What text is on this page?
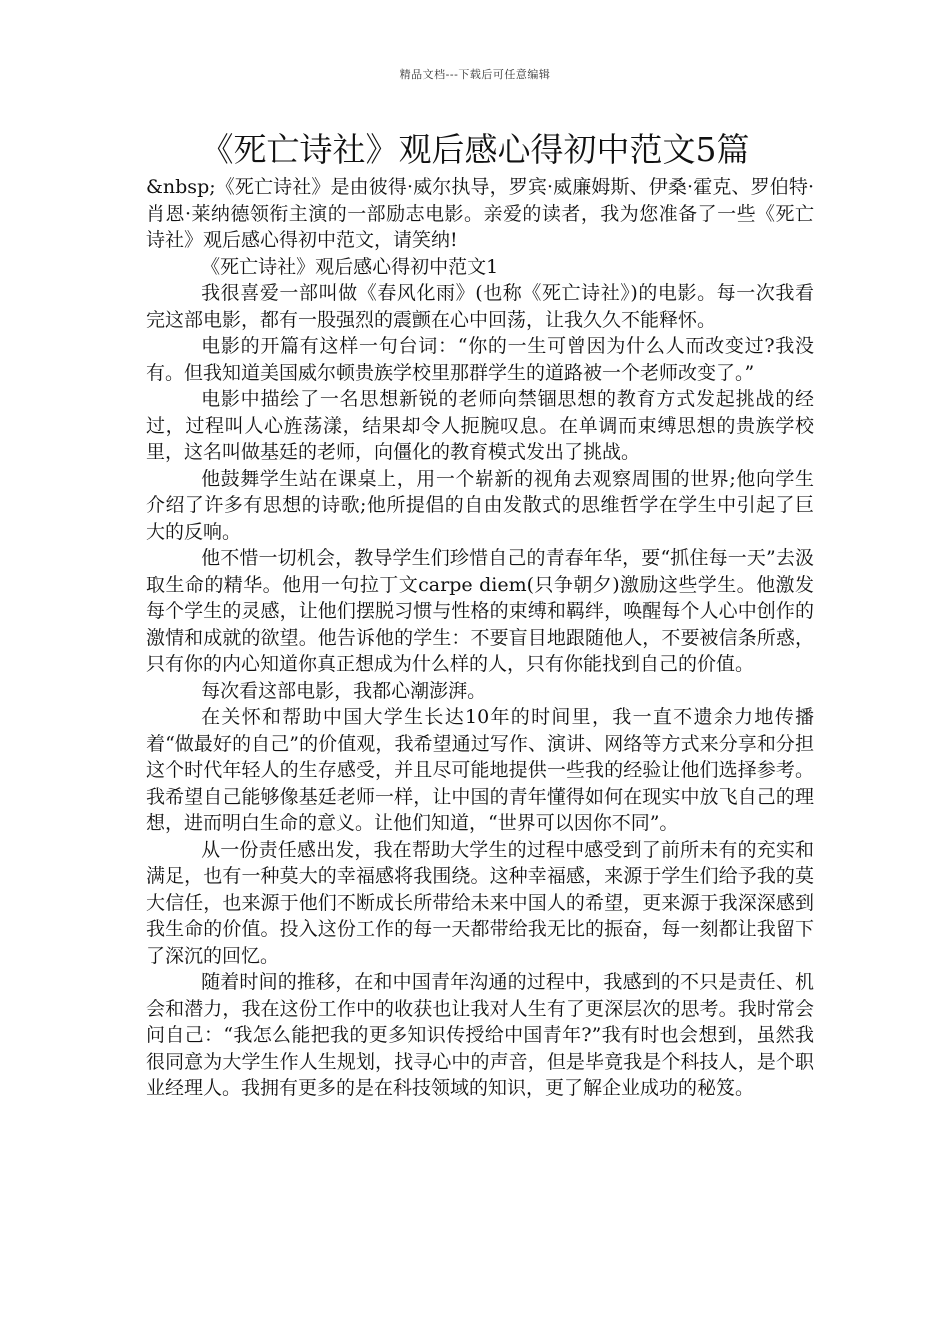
精品文档---下载后可任意编辑
《死亡诗社》观后感心得初中范文5篇

&nbsp;《死亡诗社》是由彼得·威尔执导，罗宾·威廉姆斯、伊桑·霍克、罗伯特·肖恩·莱纳德领衔主演的一部励志电影。亲爱的读者，我为您准备了一些《死亡诗社》观后感心得初中范文，请笑纳!

《死亡诗社》观后感心得初中范文1

我很喜爱一部叫做《春风化雨》(也称《死亡诗社》)的电影。每一次我看完这部电影，都有一股强烈的震颤在心中回荡，让我久久不能释怀。

电影的开篇有这样一句台词：“你的一生可曾因为什么人而改变过?我没有。但我知道美国威尔顿贵族学校里那群学生的道路被一个老师改变了。”

电影中描绘了一名思想新锐的老师向禁锢思想的教育方式发起挑战的经过，过程叫人心旌荡漾，结果却令人扼腕叹息。在单调而束缚思想的贵族学校里，这名叫做基廷的老师，向僵化的教育模式发出了挑战。

他鼓舞学生站在课桌上，用一个崭新的视角去观察周围的世界;他向学生介绍了许多有思想的诗歌;他所提倡的自由发散式的思维哲学在学生中引起了巨大的反响。

他不惜一切机会，教导学生们珍惜自己的青春年华，要“抓住每一天”去汲取生命的精华。他用一句拉丁文carpe diem(只争朝夕)激励这些学生。他激发每个学生的灵感，让他们摆脱习惯与性格的束缚和羁绊，唤醒每个人心中创作的激情和成就的欲望。他告诉他的学生：不要盲目地跟随他人，不要被信条所惑，只有你的内心知道你真正想成为什么样的人，只有你能找到自己的价值。

每次看这部电影，我都心潮澎湃。

在关怀和帮助中国大学生长达10年的时间里，我一直不遗余力地传播着“做最好的自己”的价值观，我希望通过写作、演讲、网络等方式来分享和分担这个时代年轻人的生存感受，并且尽可能地提供一些我的经验让他们选择参考。我希望自己能够像基廷老师一样，让中国的青年懂得如何在现实中放飞自己的理想，进而明白生命的意义。让他们知道，“世界可以因你不同”。

从一份责任感出发，我在帮助大学生的过程中感受到了前所未有的充实和满足，也有一种莫大的幸福感将我围绕。这种幸福感，来源于学生们给予我的莫大信任，也来源于他们不断成长所带给未来中国人的希望，更来源于我深深感到我生命的价值。投入这份工作的每一天都带给我无比的振奋，每一刻都让我留下了深沉的回忆。

随着时间的推移，在和中国青年沟通的过程中，我感到的不只是责任、机会和潜力，我在这份工作中的收获也让我对人生有了更深层次的思考。我时常会问自己：“我怎么能把我的更多知识传授给中国青年?”我有时也会想到，虽然我很同意为大学生作人生规划，找寻心中的声音，但是毕竟我是个科技人，是个职业经理人。我拥有更多的是在科技领域的知识，更了解企业成功的秘笈。
